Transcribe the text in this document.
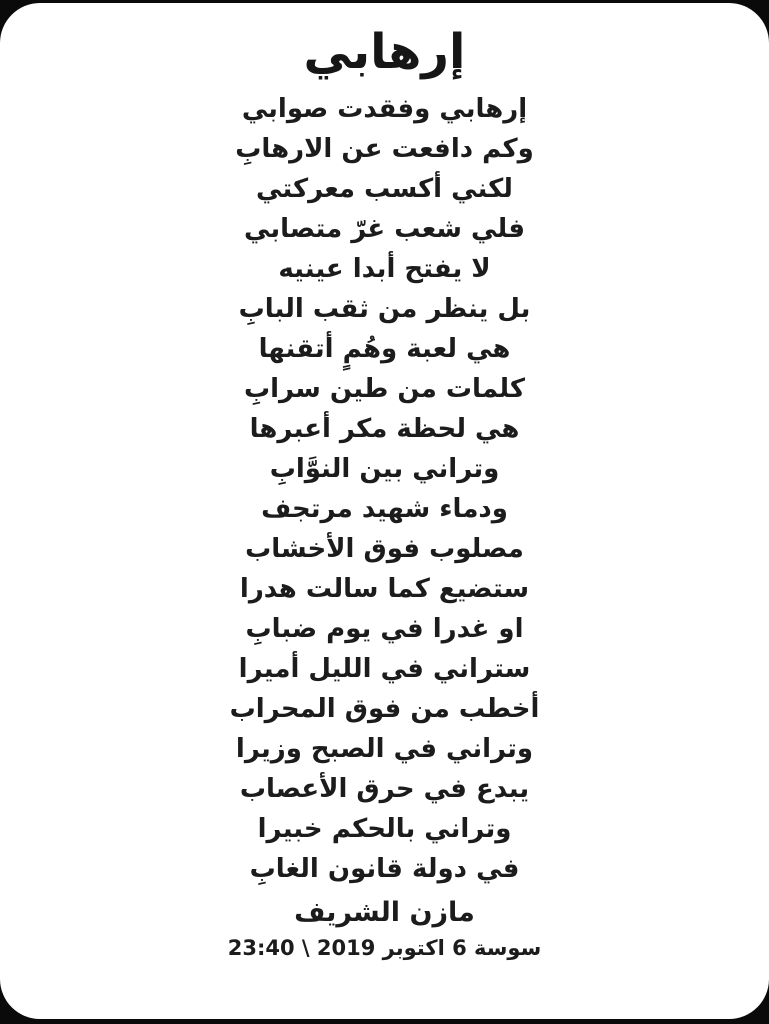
إرهابي
إرهابي وفقدت صوابي
وكم دافعت عن الارهابِ
لكني أكسب معركتي
فلي شعب غرّ متصابي
لا يفتح أبدا عينيه
بل ينظر من ثقب البابِ
هي لعبة وهُمٍ أتقنها
كلمات من طين سرابِ
هي لحظة مكر أعبرها
وتراني بين النوَّابِ
ودماء شهيد مرتجف
مصلوب فوق الأخشاب
ستضيع كما سالت هدرا
او غدرا في يوم ضبابِ
ستراني في الليل أميرا
أخطب من فوق المحراب
وتراني في الصبح وزيرا
يبدع في حرق الأعصاب
وتراني بالحكم خبيرا
في دولة قانون الغابِ
مازن الشريف
سوسة 6 اكتوبر 2019 \ 23:40
